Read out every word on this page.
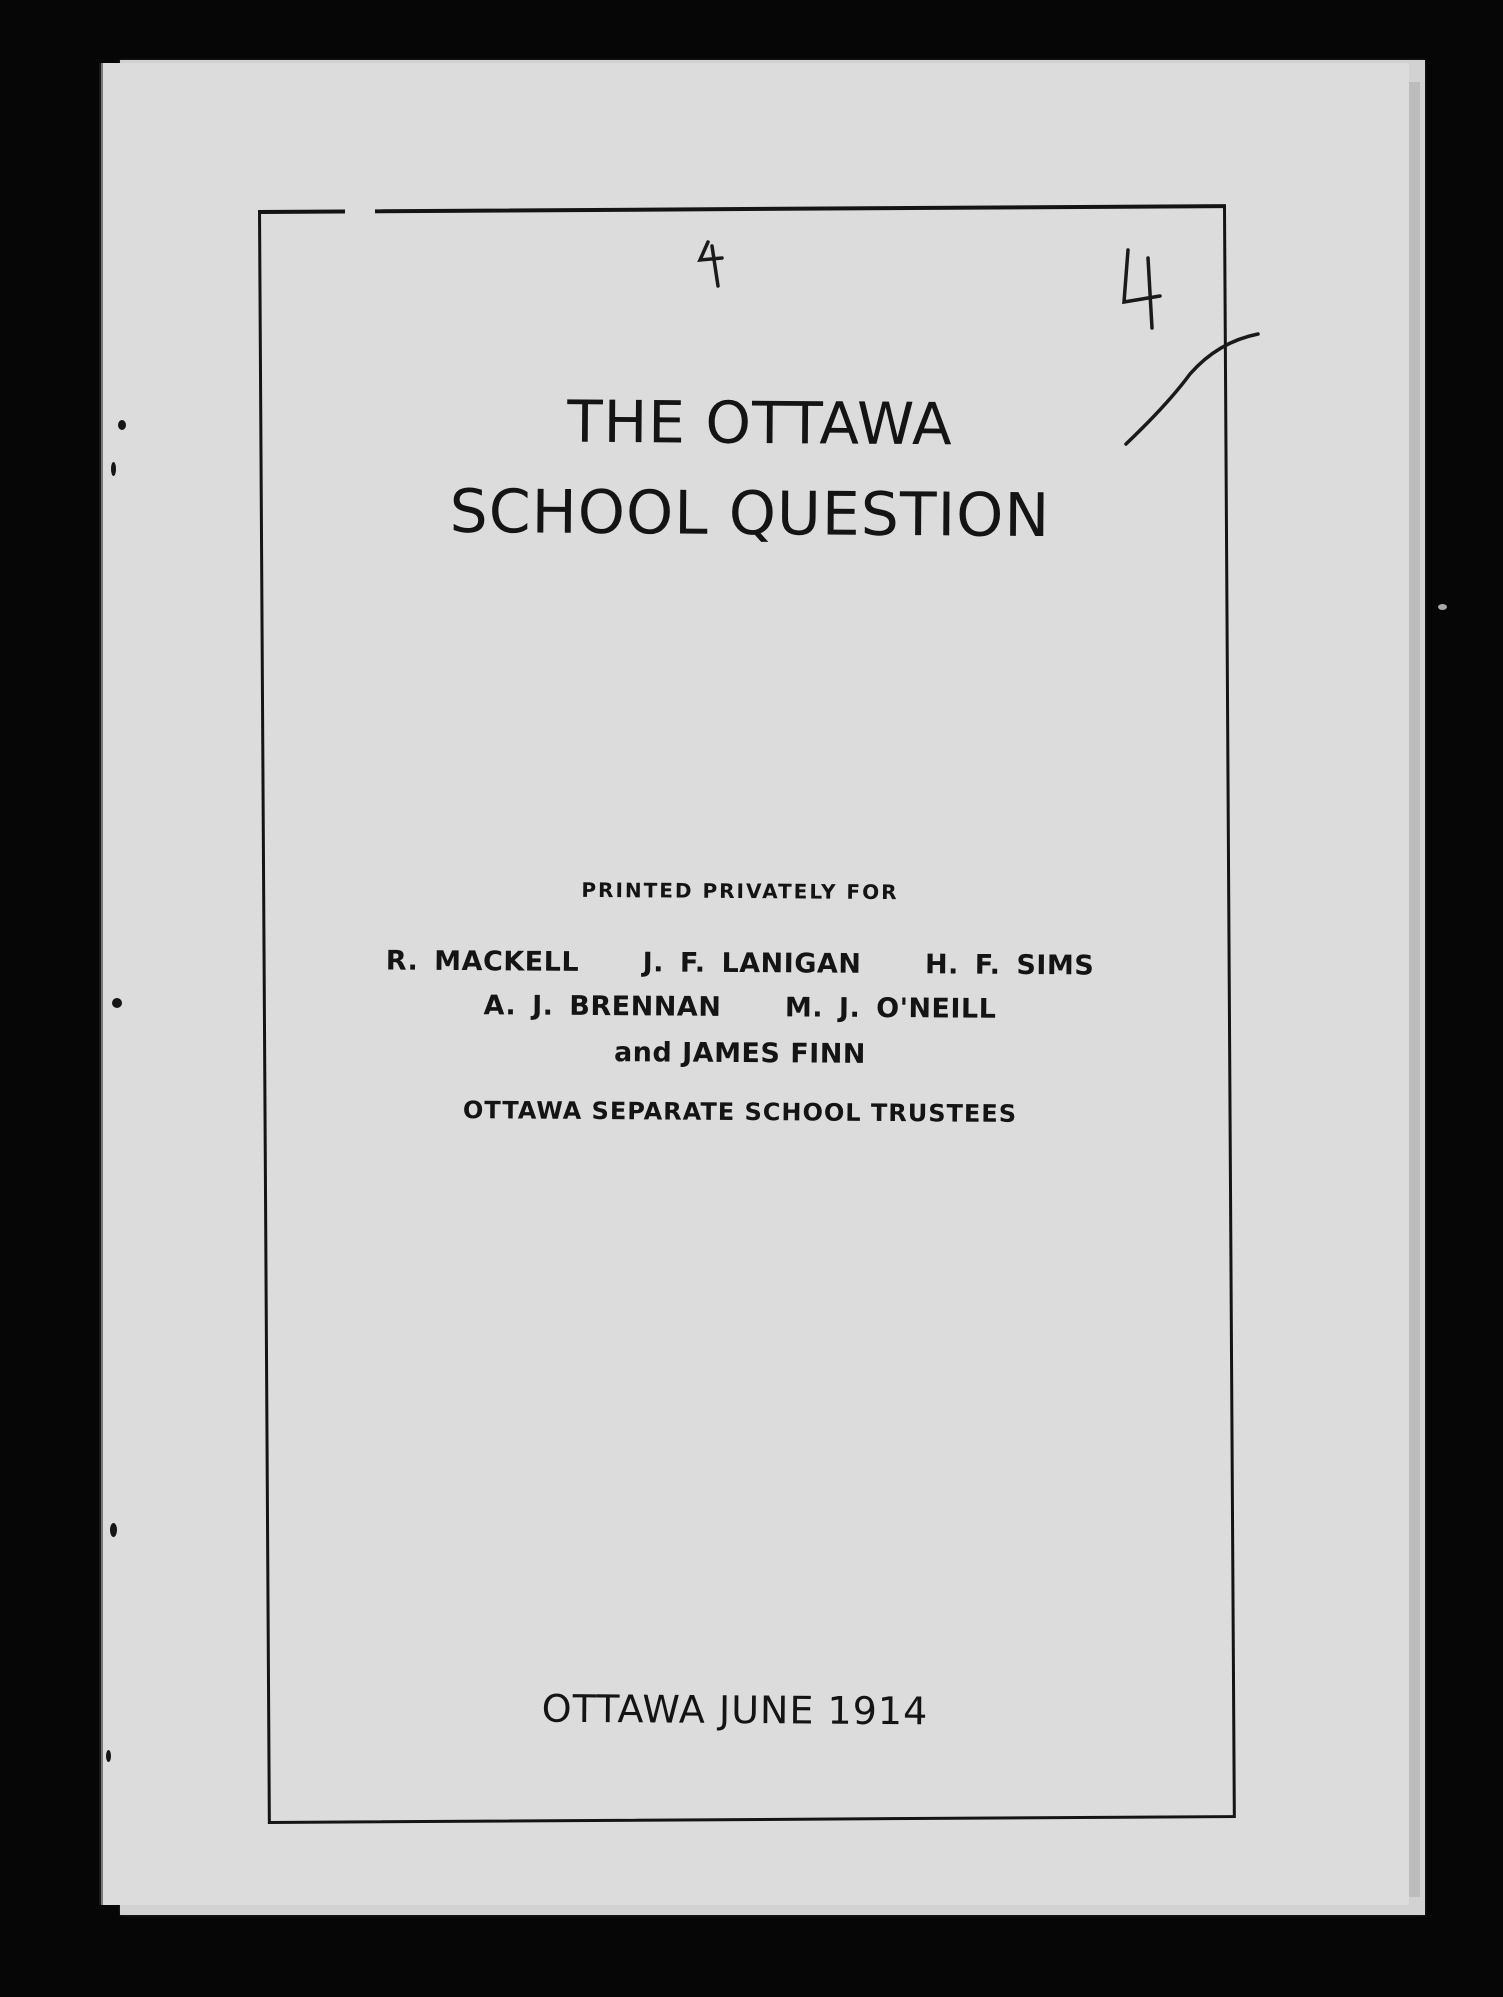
THE OTTAWA
SCHOOL QUESTION
PRINTED PRIVATELY FOR
R. MACKELL    J. F. LANIGAN    H. F. SIMS
A. J. BRENNAN    M. J. O'NEILL
and JAMES FINN
OTTAWA SEPARATE SCHOOL TRUSTEES
OTTAWA JUNE 1914
